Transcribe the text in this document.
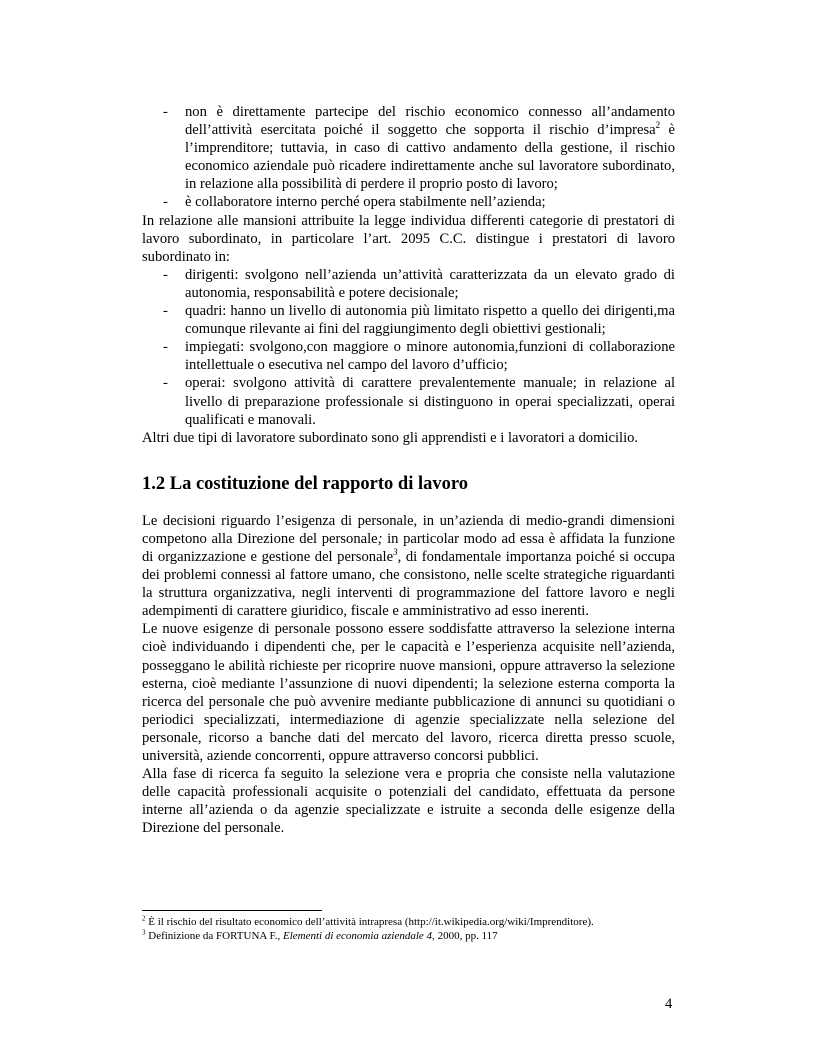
- non è direttamente partecipe del rischio economico connesso all’andamento dell’attività esercitata poiché il soggetto che sopporta il rischio d’impresa$^2$ è l’imprenditore; tuttavia, in caso di cattivo andamento della gestione, il rischio economico aziendale può ricadere indirettamente anche sul lavoratore subordinato, in relazione alla possibilità di perdere il proprio posto di lavoro;
- è collaboratore interno perché opera stabilmente nell’azienda;

In relazione alle mansioni attribuite la legge individua differenti categorie di prestatori di lavoro subordinato, in particolare l’art. 2095 C.C. distingue i prestatori di lavoro subordinato in:

- dirigenti: svolgono nell’azienda un’attività caratterizzata da un elevato grado di autonomia, responsabilità e potere decisionale;
- quadri: hanno un livello di autonomia più limitato rispetto a quello dei dirigenti,ma comunque rilevante ai fini del raggiungimento degli obiettivi gestionali;
- impiegati: svolgono,con maggiore o minore autonomia,funzioni di collaborazione intellettuale o esecutiva nel campo del lavoro d’ufficio;
- operai: svolgono attività di carattere prevalentemente manuale; in relazione al livello di preparazione professionale si distinguono in operai specializzati, operai qualificati e manovali.

Altri due tipi di lavoratore subordinato sono gli apprendisti e i lavoratori a domicilio.

1.2 La costituzione del rapporto di lavoro

Le decisioni riguardo l’esigenza di personale, in un’azienda di medio-grandi dimensioni competono alla Direzione del personale; in particolar modo ad essa è affidata la funzione di organizzazione e gestione del personale$^3$, di fondamentale importanza poiché si occupa dei problemi connessi al fattore umano, che consistono, nelle scelte strategiche riguardanti la struttura organizzativa, negli interventi di programmazione del fattore lavoro e negli adempimenti di carattere giuridico, fiscale e amministrativo ad esso inerenti.

Le nuove esigenze di personale possono essere soddisfatte attraverso la selezione interna cioè individuando i dipendenti che, per le capacità e l’esperienza acquisite nell’azienda, posseggano le abilità richieste per ricoprire nuove mansioni, oppure attraverso la selezione esterna, cioè mediante l’assunzione di nuovi dipendenti; la selezione esterna comporta la ricerca del personale che può avvenire mediante pubblicazione di annunci su quotidiani o periodici specializzati, intermediazione di agenzie specializzate nella selezione del personale, ricorso a banche dati del mercato del lavoro, ricerca diretta presso scuole, università, aziende concorrenti, oppure attraverso concorsi pubblici.

Alla fase di ricerca fa seguito la selezione vera e propria che consiste nella valutazione delle capacità professionali acquisite o potenziali del candidato, effettuata da persone interne all’azienda o da agenzie specializzate e istruite a seconda delle esigenze della Direzione del personale.

$^2$ È il rischio del risultato economico dell’attività intrapresa (http://it.wikipedia.org/wiki/Imprenditore).

$^3$ Definizione da FORTUNA F., Elementi di economia aziendale 4, 2000, pp. 117

4
